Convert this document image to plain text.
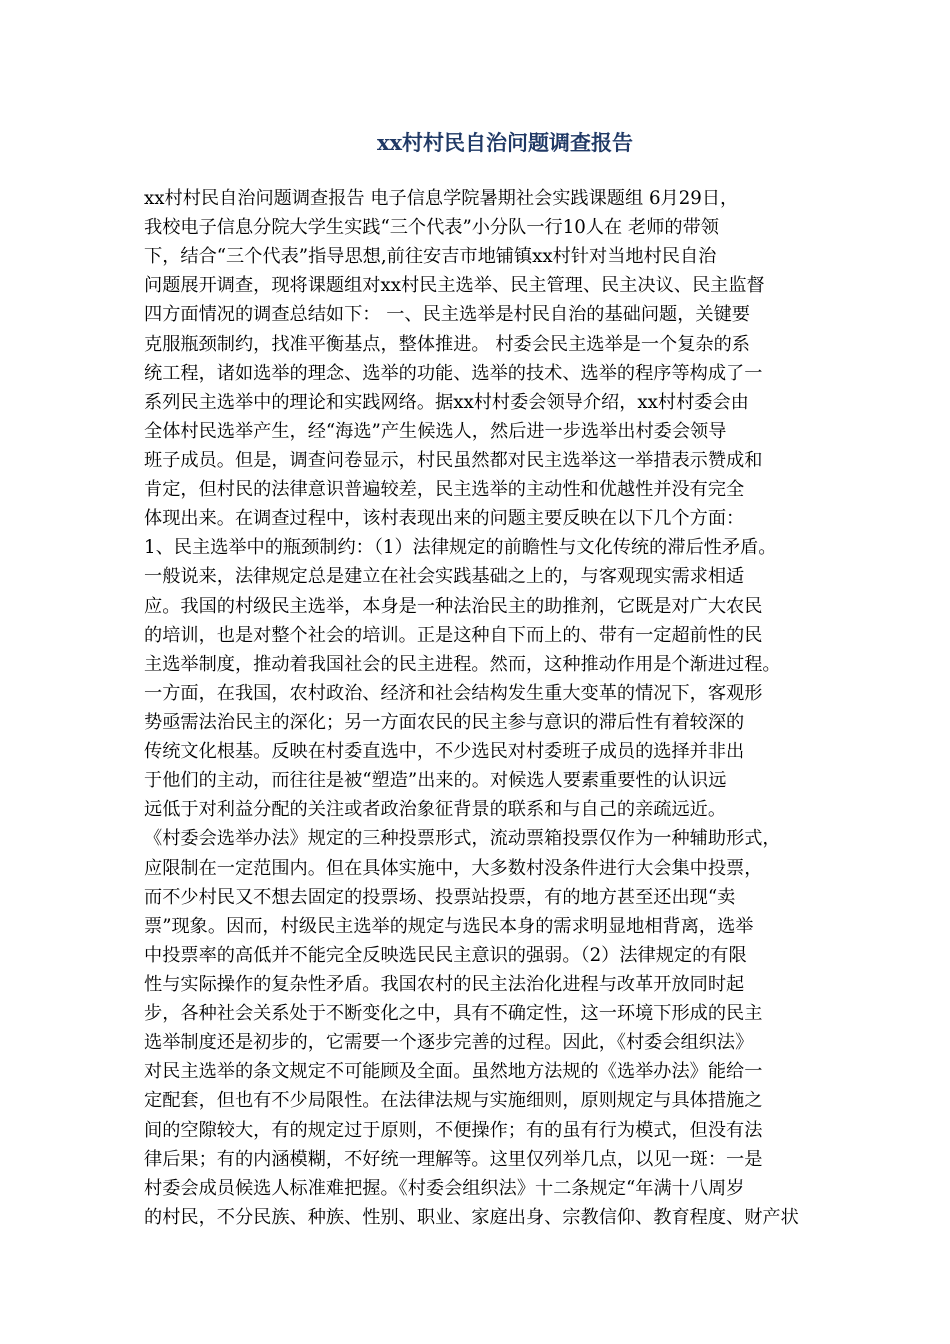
xx村村民自治问题调查报告
xx村村民自治问题调查报告 电子信息学院暑期社会实践课题组 6月29日，
我校电子信息分院大学生实践“三个代表”小分队一行10人在 老师的带领
下，结合“三个代表”指导思想,前往安吉市地铺镇xx村针对当地村民自治
问题展开调查，现将课题组对xx村民主选举、民主管理、民主决议、民主监督
四方面情况的调查总结如下： 一、民主选举是村民自治的基础问题，关键要
克服瓶颈制约，找准平衡基点，整体推进。 村委会民主选举是一个复杂的系
统工程，诸如选举的理念、选举的功能、选举的技术、选举的程序等构成了一
系列民主选举中的理论和实践网络。据xx村村委会领导介绍，xx村村委会由
全体村民选举产生，经“海选”产生候选人，然后进一步选举出村委会领导
班子成员。但是，调查问卷显示，村民虽然都对民主选举这一举措表示赞成和
肯定，但村民的法律意识普遍较差，民主选举的主动性和优越性并没有完全
体现出来。在调查过程中，该村表现出来的问题主要反映在以下几个方面：
1、民主选举中的瓶颈制约：（1）法律规定的前瞻性与文化传统的滞后性矛盾。
一般说来，法律规定总是建立在社会实践基础之上的，与客观现实需求相适
应。我国的村级民主选举，本身是一种法治民主的助推剂，它既是对广大农民
的培训，也是对整个社会的培训。正是这种自下而上的、带有一定超前性的民
主选举制度，推动着我国社会的民主进程。然而，这种推动作用是个渐进过程。
一方面，在我国，农村政治、经济和社会结构发生重大变革的情况下，客观形
势亟需法治民主的深化；另一方面农民的民主参与意识的滞后性有着较深的
传统文化根基。反映在村委直选中，不少选民对村委班子成员的选择并非出
于他们的主动，而往往是被“塑造”出来的。对候选人要素重要性的认识远
远低于对利益分配的关注或者政治象征背景的联系和与自己的亲疏远近。
《村委会选举办法》规定的三种投票形式，流动票箱投票仅作为一种辅助形式，
应限制在一定范围内。但在具体实施中，大多数村没条件进行大会集中投票，
而不少村民又不想去固定的投票场、投票站投票，有的地方甚至还出现“卖
票”现象。因而，村级民主选举的规定与选民本身的需求明显地相背离，选举
中投票率的高低并不能完全反映选民民主意识的强弱。（2）法律规定的有限
性与实际操作的复杂性矛盾。我国农村的民主法治化进程与改革开放同时起
步，各种社会关系处于不断变化之中，具有不确定性，这一环境下形成的民主
选举制度还是初步的，它需要一个逐步完善的过程。因此，《村委会组织法》
对民主选举的条文规定不可能顾及全面。虽然地方法规的《选举办法》能给一
定配套，但也有不少局限性。在法律法规与实施细则，原则规定与具体措施之
间的空隙较大，有的规定过于原则，不便操作；有的虽有行为模式，但没有法
律后果；有的内涵模糊，不好统一理解等。这里仅列举几点，以见一斑：一是
村委会成员候选人标准难把握。《村委会组织法》十二条规定“年满十八周岁
的村民，不分民族、种族、性别、职业、家庭出身、宗教信仰、教育程度、财产状
